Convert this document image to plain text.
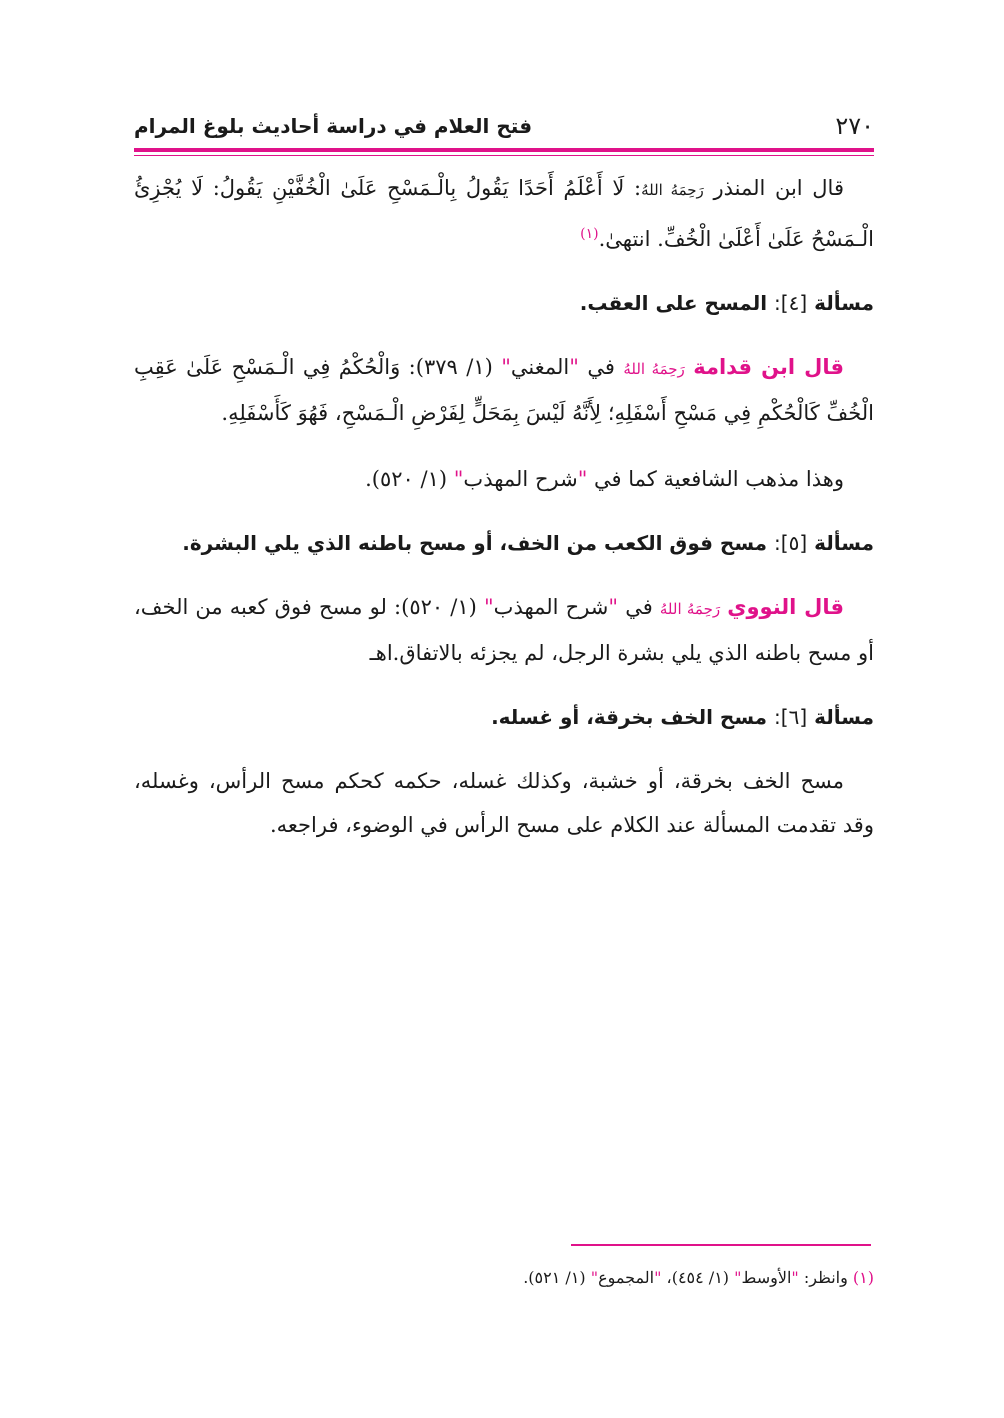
٢٧٠
فتح العلام في دراسة أحاديث بلوغ المرام

قال ابن المنذر رَحِمَهُ اللهُ: لَا أَعْلَمُ أَحَدًا يَقُولُ بِالْـمَسْحِ عَلَىٰ الْخُفَّيْنِ يَقُولُ: لَا يُجْزِئُ الْـمَسْحُ عَلَىٰ أَعْلَىٰ الْخُفِّ. انتهىٰ.$^{(١)}$

مسألة [٤]: المسح على العقب.

قال ابن قدامة رَحِمَهُ اللهُ في "المغني" (١/ ٣٧٩): وَالْحُكْمُ فِي الْـمَسْحِ عَلَىٰ عَقِبِ الْخُفِّ كَالْحُكْمِ فِي مَسْحِ أَسْفَلِهِ؛ لِأَنَّهُ لَيْسَ بِمَحَلٍّ لِفَرْضِ الْـمَسْحِ، فَهُوَ كَأَسْفَلِهِ.

وهذا مذهب الشافعية كما في "شرح المهذب" (١/ ٥٢٠).

مسألة [٥]: مسح فوق الكعب من الخف، أو مسح باطنه الذي يلي البشرة.

قال النووي رَحِمَهُ اللهُ في "شرح المهذب" (١/ ٥٢٠): لو مسح فوق كعبه من الخف، أو مسح باطنه الذي يلي بشرة الرجل، لم يجزئه بالاتفاق.اهـ

مسألة [٦]: مسح الخف بخرقة، أو غسله.

مسح الخف بخرقة، أو خشبة، وكذلك غسله، حكمه كحكم مسح الرأس، وغسله، وقد تقدمت المسألة عند الكلام على مسح الرأس في الوضوء، فراجعه.

(١) وانظر: "الأوسط" (١/ ٤٥٤)، "المجموع" (١/ ٥٢١).
